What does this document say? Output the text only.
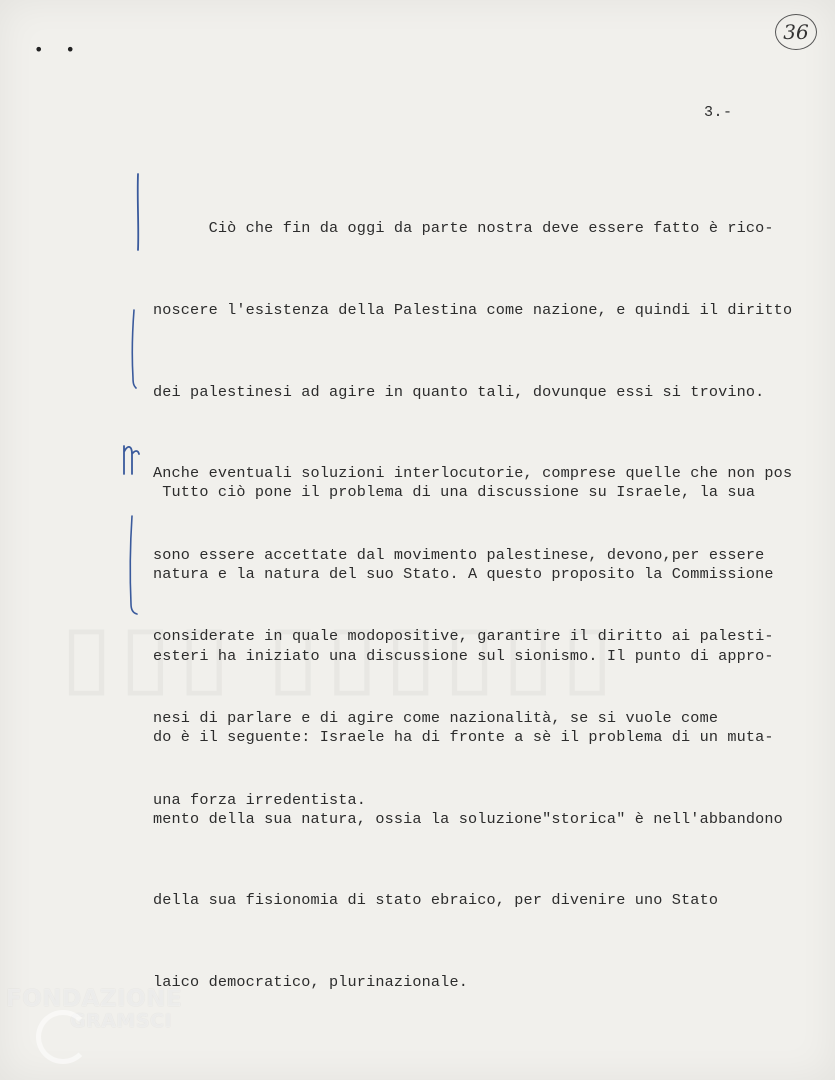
••
36
3.-

Ciò che fin da oggi da parte nostra deve essere fatto è rico-

noscere l'esistenza della Palestina come nazione, e quindi il diritto

dei palestinesi ad agire in quanto tali, dovunque essi si trovino.

Anche eventuali soluzioni interlocutorie, comprese quelle che non pos

sono essere accettate dal movimento palestinese, devono,per essere

considerate in quale modopositive, garantire il diritto ai palesti-

nesi di parlare e di agire come nazionalità, se si vuole come

una forza irredentista.

Tutto ciò pone il problema di una discussione su Israele, la sua

natura e la natura del suo Stato. A questo proposito la Commissione

esteri ha iniziato una discussione sul sionismo. Il punto di appro-

do è il seguente: Israele ha di fronte a sè il problema di un muta-

mento della sua natura, ossia la soluzione"storica" è nell'abbandono

della sua fisionomia di stato ebraico, per divenire uno Stato

laico democratico, plurinazionale.

FONDAZIONE
GRAMSCI
